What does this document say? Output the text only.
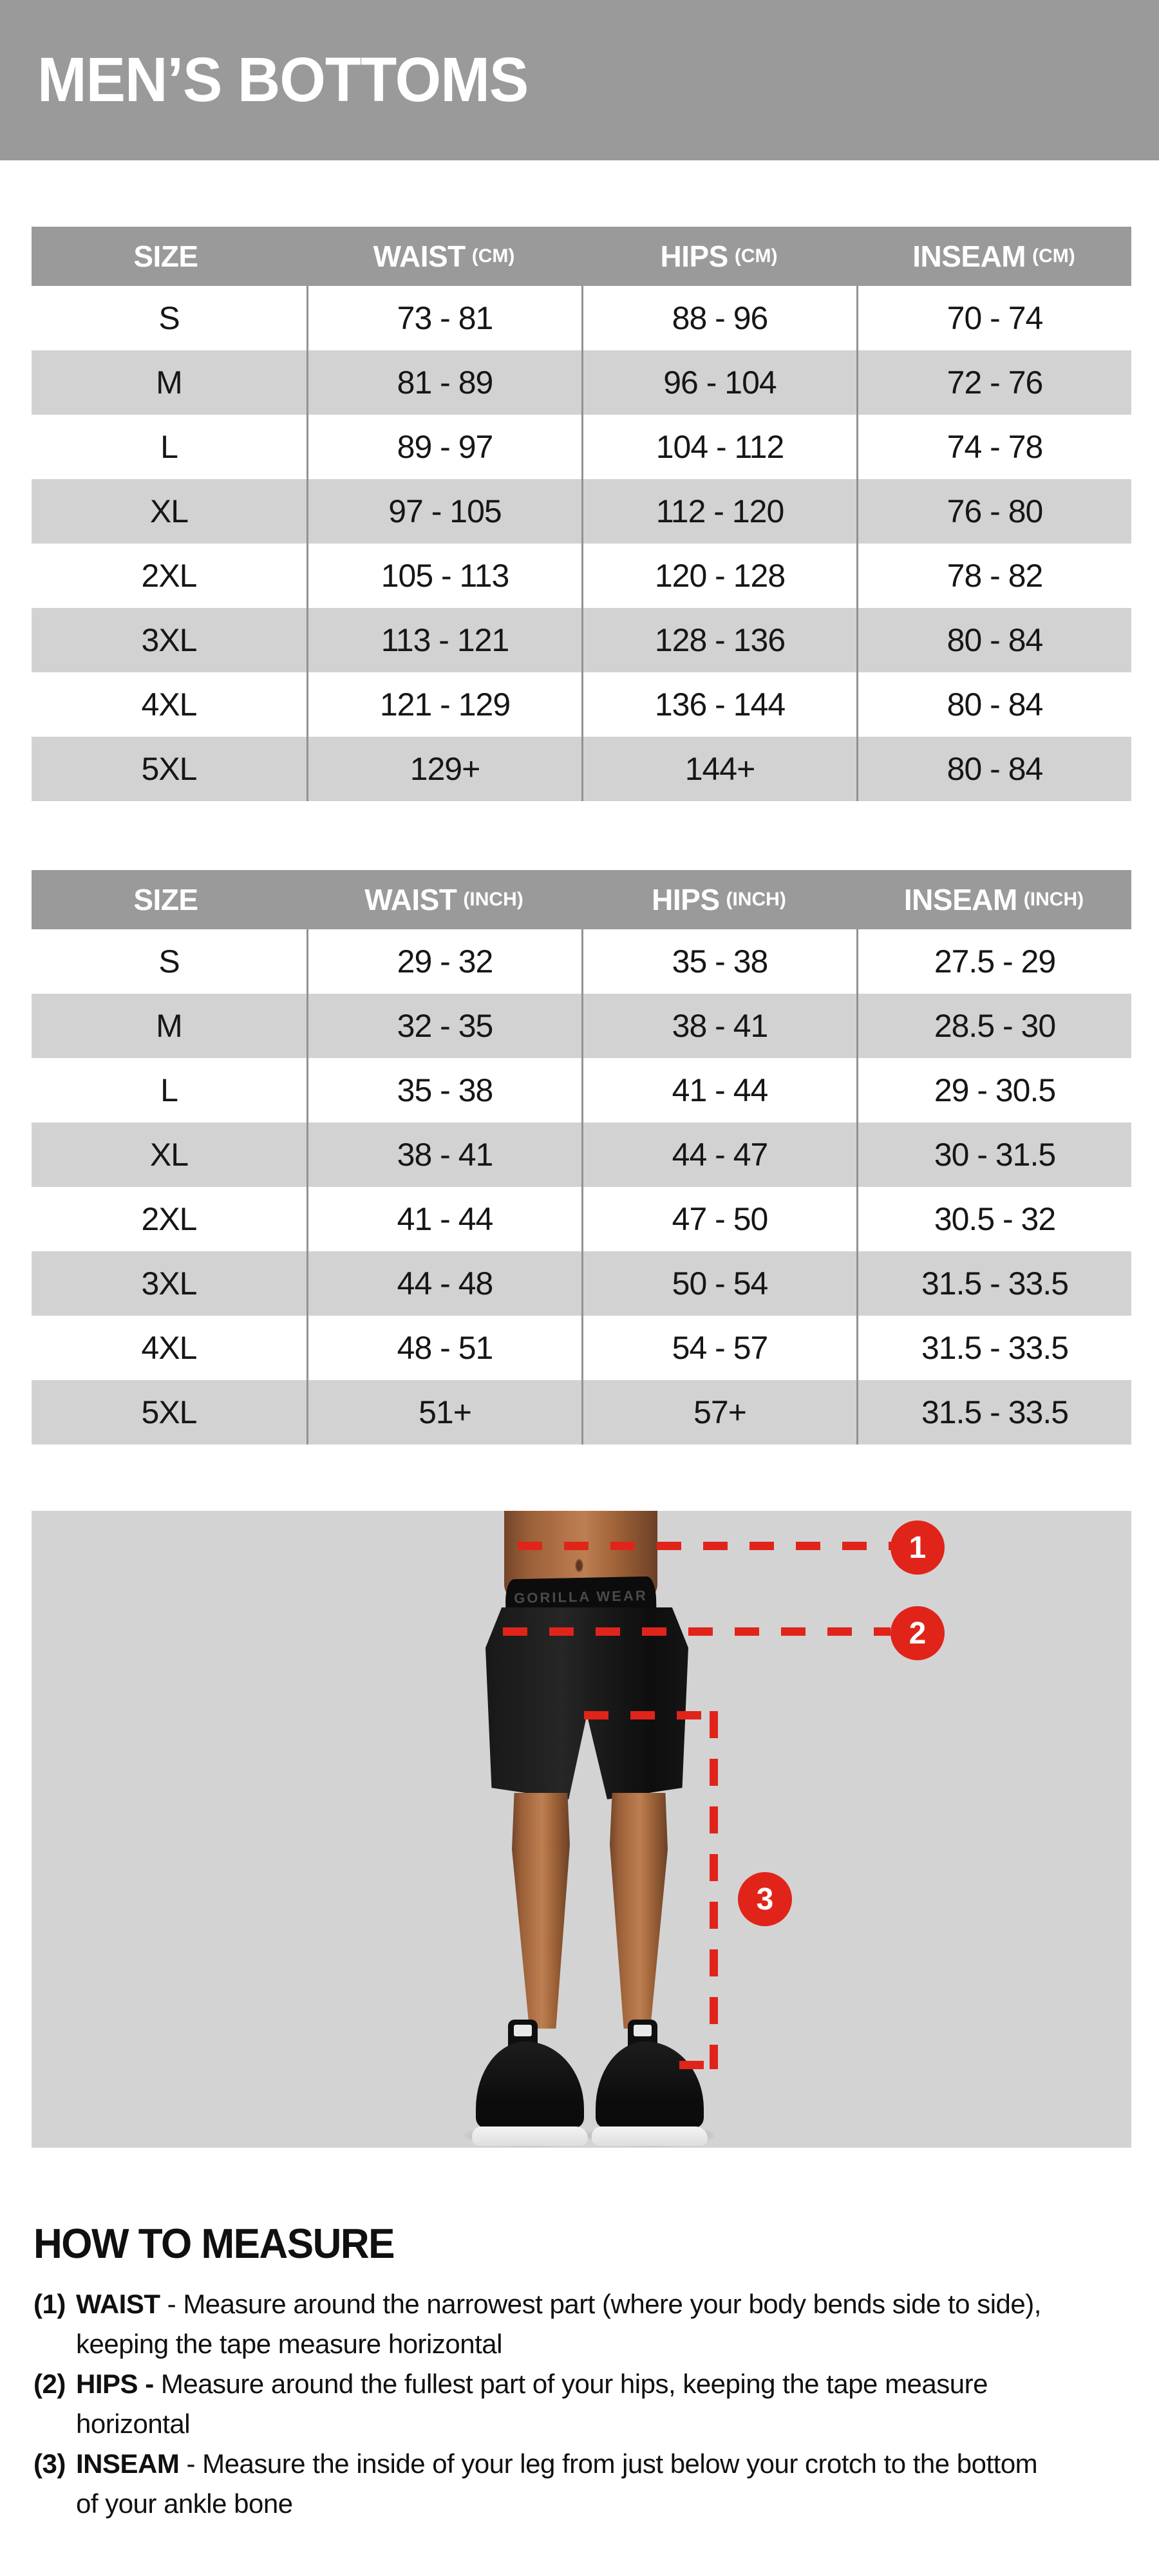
MEN’S BOTTOMS
SIZE	WAIST (CM)	HIPS (CM)	INSEAM (CM)
S	73 - 81	88 - 96	70 - 74
M	81 - 89	96 - 104	72 - 76
L	89 - 97	104 - 112	74 - 78
XL	97 - 105	112 - 120	76 - 80
2XL	105 - 113	120 - 128	78 - 82
3XL	113 - 121	128 - 136	80 - 84
4XL	121 - 129	136 - 144	80 - 84
5XL	129+	144+	80 - 84
SIZE	WAIST (INCH)	HIPS (INCH)	INSEAM (INCH)
S	29 - 32	35 - 38	27.5 - 29
M	32 - 35	38 - 41	28.5 - 30
L	35 - 38	41 - 44	29 - 30.5
XL	38 - 41	44 - 47	30 - 31.5
2XL	41 - 44	47 - 50	30.5 - 32
3XL	44 - 48	50 - 54	31.5 - 33.5
4XL	48 - 51	54 - 57	31.5 - 33.5
5XL	51+	57+	31.5 - 33.5
GORILLA WEAR
1
2
3
HOW TO MEASURE
(1) WAIST - Measure around the narrowest part (where your body bends side to side),
keeping the tape measure horizontal
(2) HIPS - Measure around the fullest part of your hips, keeping the tape measure
horizontal
(3) INSEAM - Measure the inside of your leg from just below your crotch to the bottom
of your ankle bone
